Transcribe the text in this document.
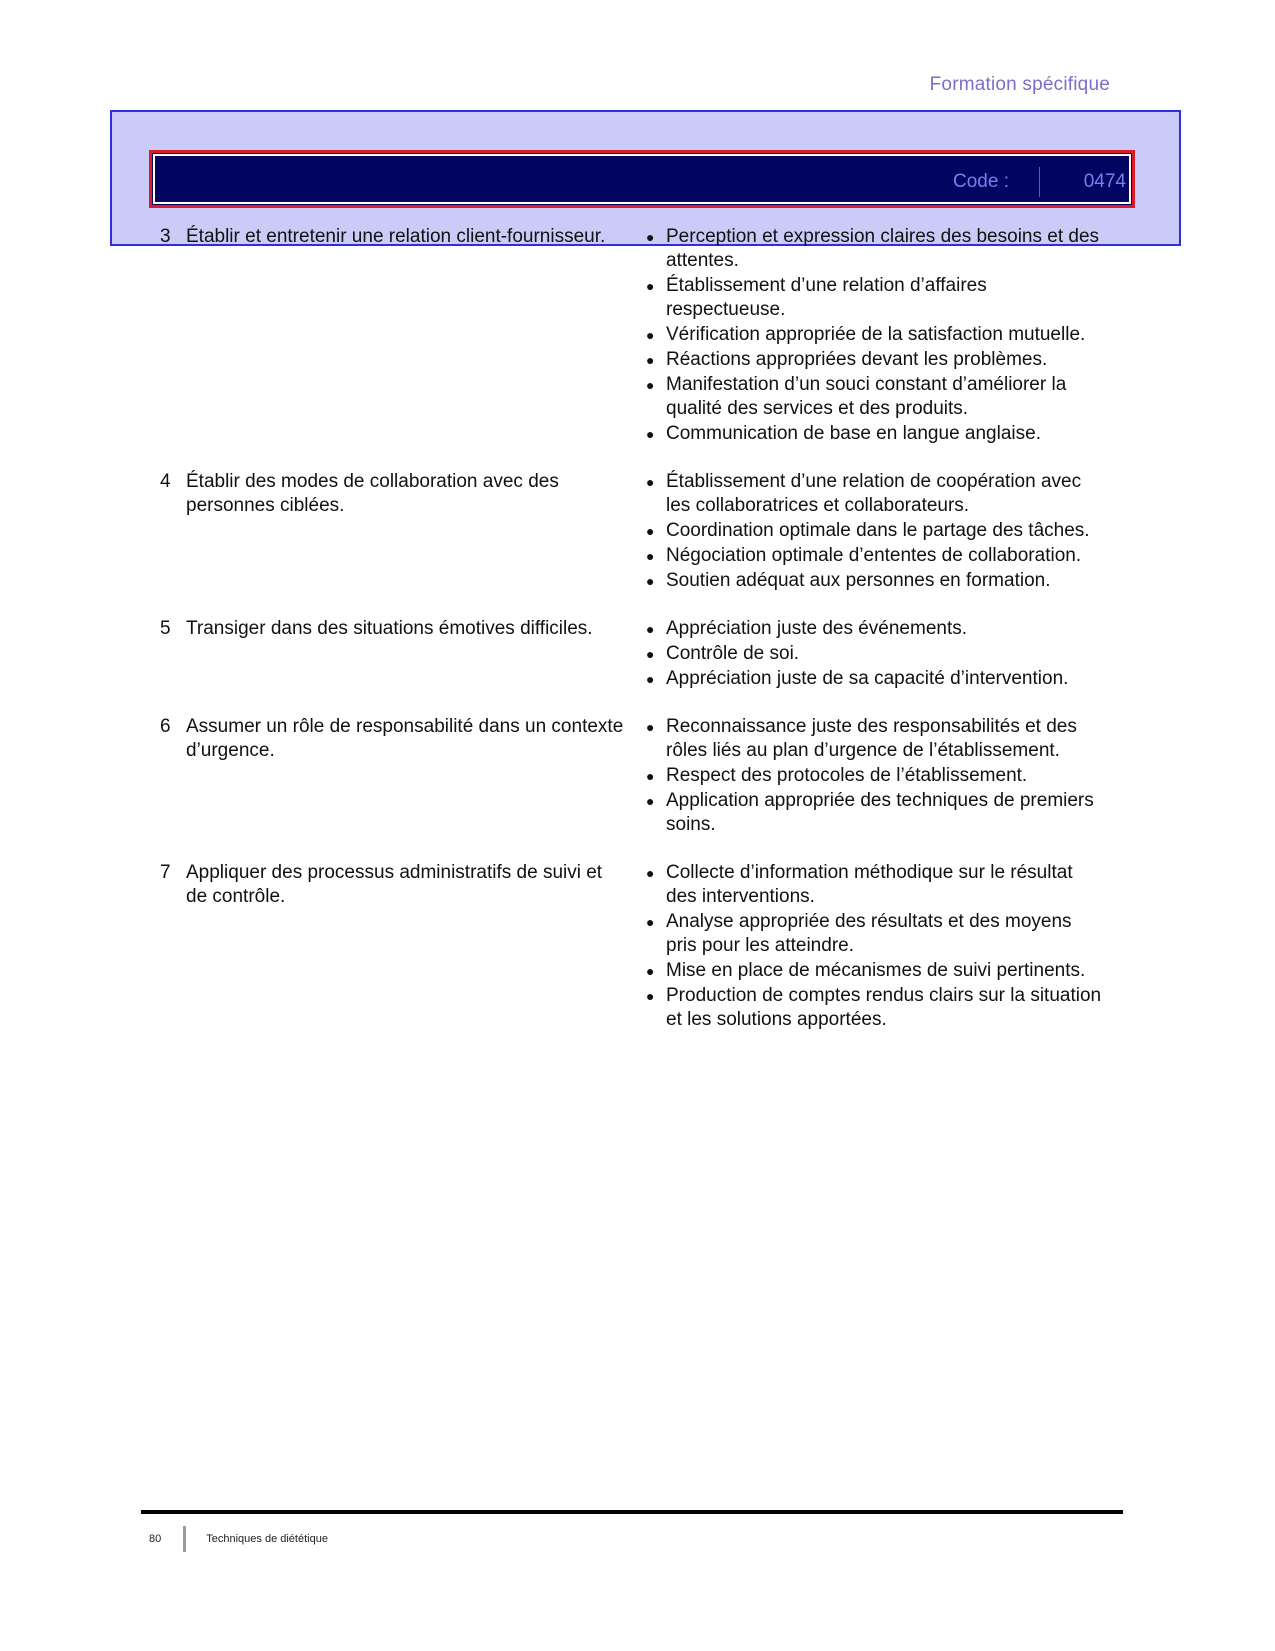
Formation spécifique
Code :	0474
3 Établir et entretenir une relation client-fournisseur.	● Perception et expression claires des besoins et des attentes.
● Établissement d’une relation d’affaires respectueuse.
● Vérification appropriée de la satisfaction mutuelle.
● Réactions appropriées devant les problèmes.
● Manifestation d’un souci constant d’améliorer la qualité des services et des produits.
● Communication de base en langue anglaise.
4 Établir des modes de collaboration avec des personnes ciblées.
● Établissement d’une relation de coopération avec les collaboratrices et collaborateurs.
● Coordination optimale dans le partage des tâches.
● Négociation optimale d’ententes de collaboration.
● Soutien adéquat aux personnes en formation.
5 Transiger dans des situations émotives difficiles.	● Appréciation juste des événements.
● Contrôle de soi.
● Appréciation juste de sa capacité d’intervention.
6 Assumer un rôle de responsabilité dans un contexte d’urgence.
● Reconnaissance juste des responsabilités et des rôles liés au plan d’urgence de l’établissement.
● Respect des protocoles de l’établissement.
● Application appropriée des techniques de premiers soins.
7 Appliquer des processus administratifs de suivi et de contrôle.
● Collecte d’information méthodique sur le résultat des interventions.
● Analyse appropriée des résultats et des moyens pris pour les atteindre.
● Mise en place de mécanismes de suivi pertinents.
● Production de comptes rendus clairs sur la situation et les solutions apportées.
80	Techniques de diététique
